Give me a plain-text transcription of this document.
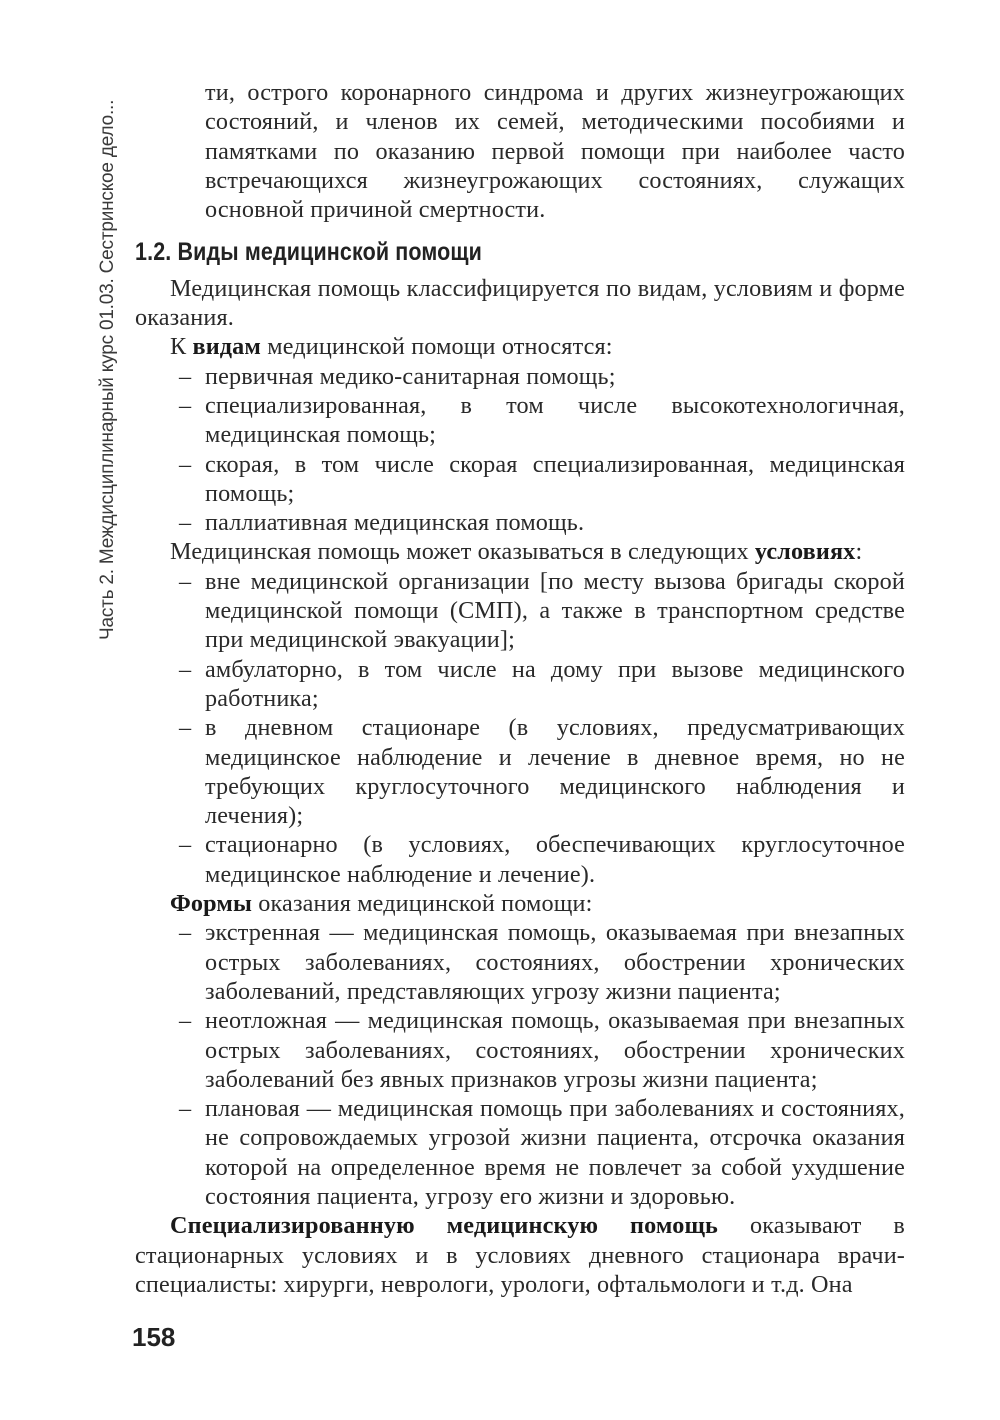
Часть 2. Междисциплинарный курс 01.03. Сестринское дело...

ти, острого коронарного синдрома и других жизнеугрожающих состояний, и членов их семей, методическими пособиями и памятками по оказанию первой помощи при наиболее часто встречающихся жизнеугрожающих состояниях, служащих основной причиной смертности.

1.2. Виды медицинской помощи

Медицинская помощь классифицируется по видам, условиям и форме оказания.

К видам медицинской помощи относятся:

– первичная медико-санитарная помощь;
– специализированная, в том числе высокотехнологичная, медицинская помощь;
– скорая, в том числе скорая специализированная, медицинская помощь;
– паллиативная медицинская помощь.

Медицинская помощь может оказываться в следующих условиях:

– вне медицинской организации [по месту вызова бригады скорой медицинской помощи (СМП), а также в транспортном средстве при медицинской эвакуации];
– амбулаторно, в том числе на дому при вызове медицинского работника;
– в дневном стационаре (в условиях, предусматривающих медицинское наблюдение и лечение в дневное время, но не требующих круглосуточного медицинского наблюдения и лечения);
– стационарно (в условиях, обеспечивающих круглосуточное медицинское наблюдение и лечение).

Формы оказания медицинской помощи:

– экстренная — медицинская помощь, оказываемая при внезапных острых заболеваниях, состояниях, обострении хронических заболеваний, представляющих угрозу жизни пациента;
– неотложная — медицинская помощь, оказываемая при внезапных острых заболеваниях, состояниях, обострении хронических заболеваний без явных признаков угрозы жизни пациента;
– плановая — медицинская помощь при заболеваниях и состояниях, не сопровождаемых угрозой жизни пациента, отсрочка оказания которой на определенное время не повлечет за собой ухудшение состояния пациента, угрозу его жизни и здоровью.

Специализированную медицинскую помощь оказывают в стационарных условиях и в условиях дневного стационара врачи-специалисты: хирурги, неврологи, урологи, офтальмологи и т.д. Она

158
